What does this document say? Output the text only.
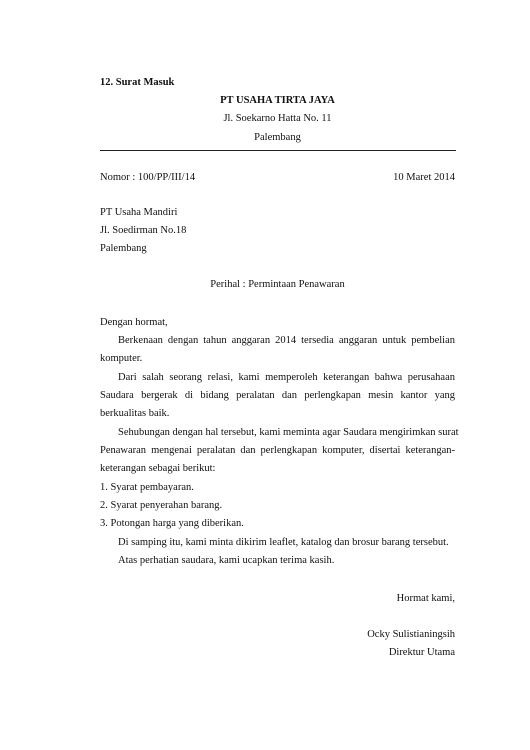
12. Surat Masuk
PT USAHA TIRTA JAYA
Jl. Soekarno Hatta No. 11
Palembang
Nomor : 100/PP/III/14	10 Maret 2014
PT Usaha Mandiri
Jl. Soedirman No.18
Palembang
Perihal : Permintaan Penawaran
Dengan hormat,
Berkenaan dengan tahun anggaran 2014 tersedia anggaran untuk pembelian
komputer.
Dari salah seorang relasi, kami memperoleh keterangan bahwa perusahaan
Saudara bergerak di bidang peralatan dan perlengkapan mesin kantor yang
berkualitas baik.
Sehubungan dengan hal tersebut, kami meminta agar Saudara mengirimkan surat
Penawaran mengenai peralatan dan perlengkapan komputer, disertai keterangan-
keterangan sebagai berikut:
1. Syarat pembayaran.
2. Syarat penyerahan barang.
3. Potongan harga yang diberikan.
Di samping itu, kami minta dikirim leaflet, katalog dan brosur barang tersebut.
Atas perhatian saudara, kami ucapkan terima kasih.
Hormat kami,
Ocky Sulistianingsih
Direktur Utama
